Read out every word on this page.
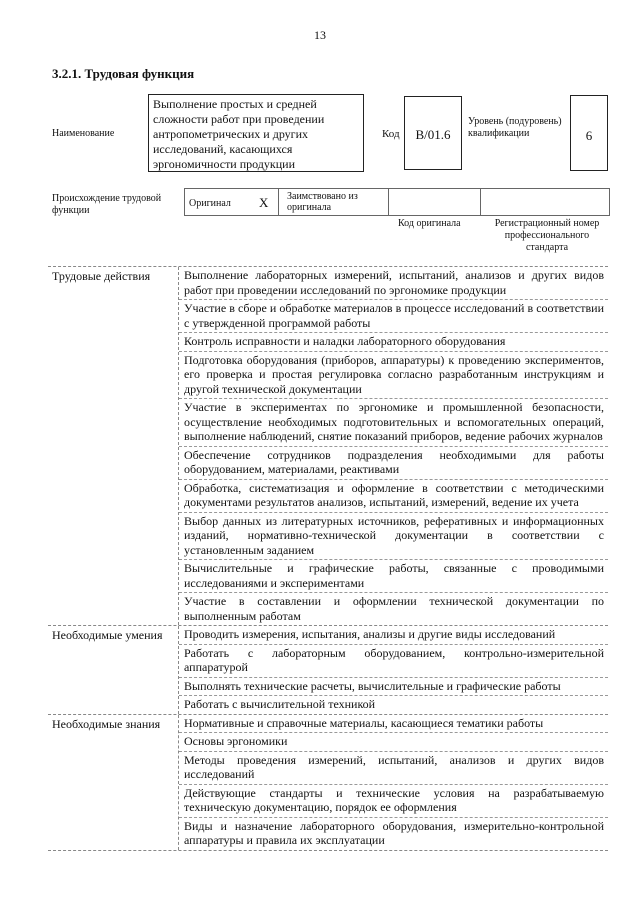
13
3.2.1. Трудовая функция
Наименование
Выполнение простых и средней сложности работ при проведении антропометрических и других исследований, касающихся эргономичности продукции
Код	В/01.6
Уровень (подуровень) квалификации	6
Происхождение трудовой функции
Оригинал X Заимствовано из оригинала
Код оригинала	Регистрационный номер профессионального стандарта
Трудовые действия	Выполнение лабораторных измерений, испытаний, анализов и других видов работ при проведении исследований по эргономике продукции
Участие в сборе и обработке материалов в процессе исследований в соответствии с утвержденной программой работы
Контроль исправности и наладки лабораторного оборудования
Подготовка оборудования (приборов, аппаратуры) к проведению экспериментов, его проверка и простая регулировка согласно разработанным инструкциям и другой технической документации
Участие в экспериментах по эргономике и промышленной безопасности, осуществление необходимых подготовительных и вспомогательных операций, выполнение наблюдений, снятие показаний приборов, ведение рабочих журналов
Обеспечение сотрудников подразделения необходимыми для работы оборудованием, материалами, реактивами
Обработка, систематизация и оформление в соответствии с методическими документами результатов анализов, испытаний, измерений, ведение их учета
Выбор данных из литературных источников, реферативных и информационных изданий, нормативно-технической документации в соответствии с установленным заданием
Вычислительные и графические работы, связанные с проводимыми исследованиями и экспериментами
Участие в составлении и оформлении технической документации по выполненным работам
Необходимые умения	Проводить измерения, испытания, анализы и другие виды исследований
Работать с лабораторным оборудованием, контрольно-измерительной аппаратурой
Выполнять технические расчеты, вычислительные и графические работы
Работать с вычислительной техникой
Необходимые знания	Нормативные и справочные материалы, касающиеся тематики работы
Основы эргономики
Методы проведения измерений, испытаний, анализов и других видов исследований
Действующие стандарты и технические условия на разрабатываемую техническую документацию, порядок ее оформления
Виды и назначение лабораторного оборудования, измерительно-контрольной аппаратуры и правила их эксплуатации
